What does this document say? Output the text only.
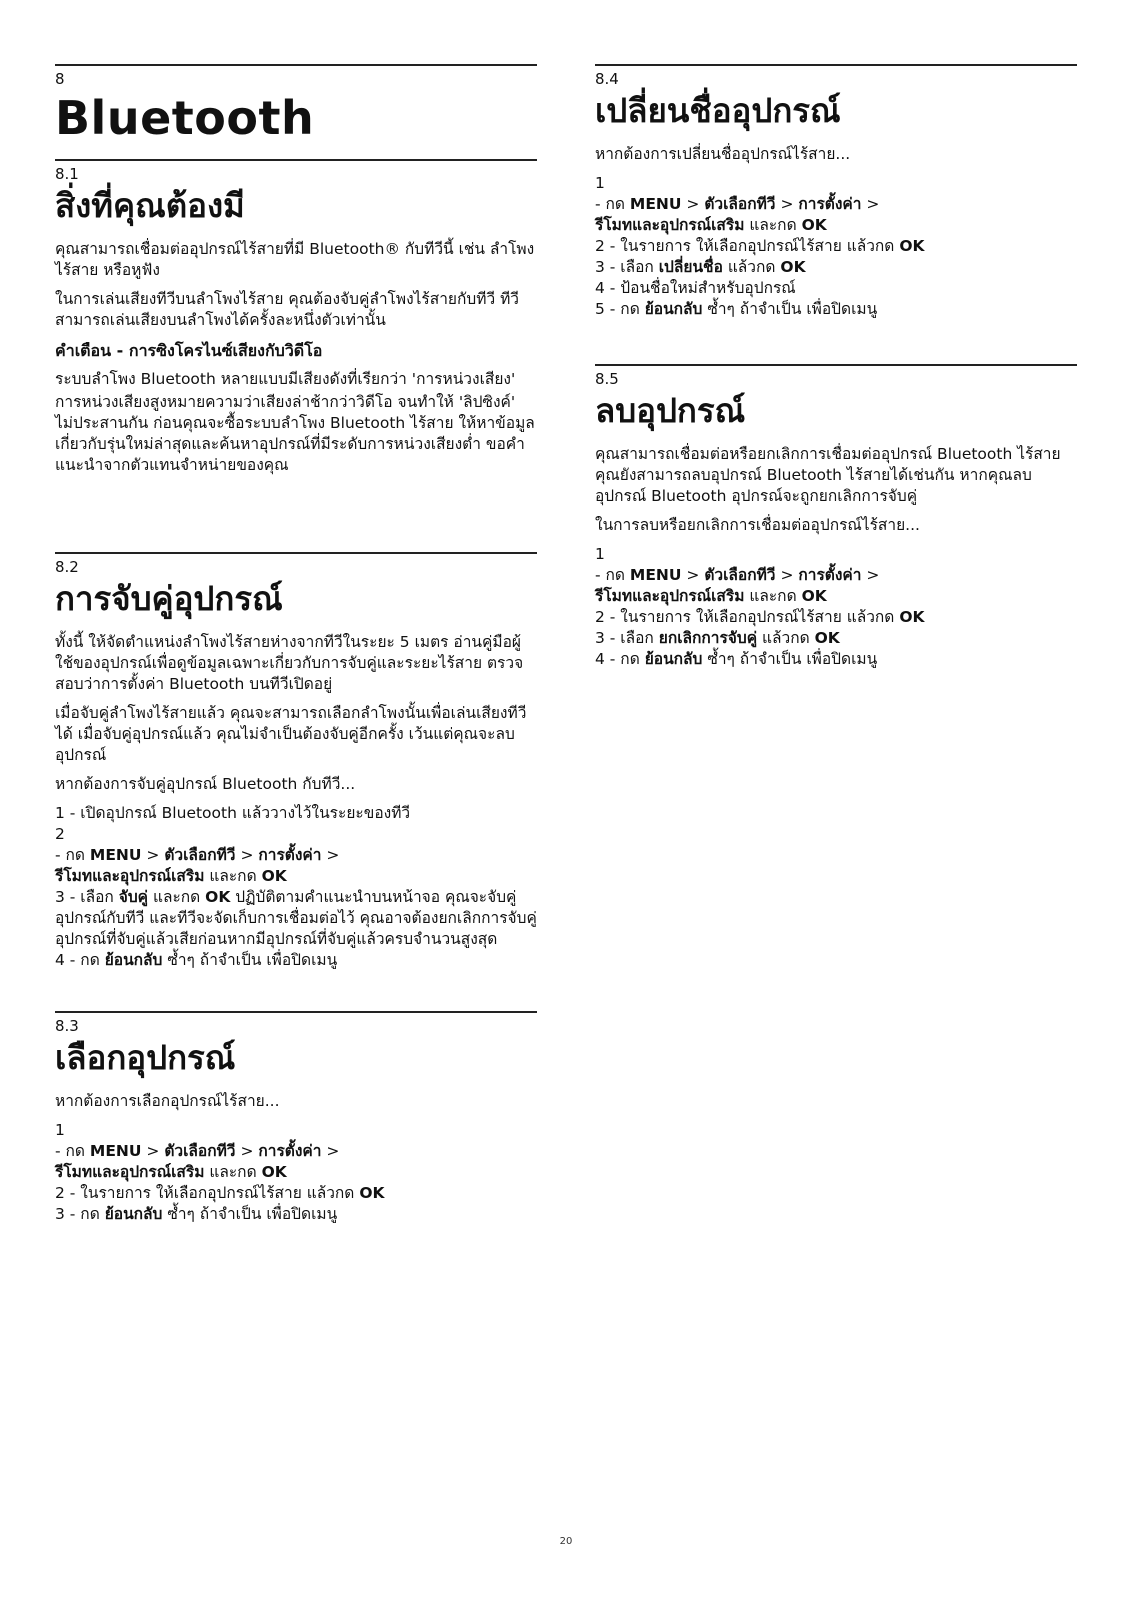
8
Bluetooth
8.1
สิ่งที่คุณต้องมี

คุณสามารถเชื่อมต่ออุปกรณ์ไร้สายที่มี Bluetooth® กับทีวีนี้ เช่น ลำโพงไร้สาย หรือหูฟัง

ในการเล่นเสียงทีวีบนลำโพงไร้สาย คุณต้องจับคู่ลำโพงไร้สายกับทีวี ทีวีสามารถเล่นเสียงบนลำโพงได้ครั้งละหนึ่งตัวเท่านั้น

คำเตือน - การซิงโครไนซ์เสียงกับวิดีโอ

ระบบลำโพง Bluetooth หลายแบบมีเสียงดังที่เรียกว่า 'การหน่วงเสียง'

การหน่วงเสียงสูงหมายความว่าเสียงล่าช้ากว่าวิดีโอ จนทำให้ 'ลิปซิงค์' ไม่ประสานกัน ก่อนคุณจะซื้อระบบลำโพง Bluetooth ไร้สาย ให้หาข้อมูลเกี่ยวกับรุ่นใหม่ล่าสุดและค้นหาอุปกรณ์ที่มีระดับการหน่วงเสียงต่ำ ขอคำแนะนำจากตัวแทนจำหน่ายของคุณ

8.2
การจับคู่อุปกรณ์

ทั้งนี้ ให้จัดตำแหน่งลำโพงไร้สายห่างจากทีวีในระยะ 5 เมตร อ่านคู่มือผู้ใช้ของอุปกรณ์เพื่อดูข้อมูลเฉพาะเกี่ยวกับการจับคู่และระยะไร้สาย ตรวจสอบว่าการตั้งค่า Bluetooth บนทีวีเปิดอยู่

เมื่อจับคู่ลำโพงไร้สายแล้ว คุณจะสามารถเลือกลำโพงนั้นเพื่อเล่นเสียงทีวีได้ เมื่อจับคู่อุปกรณ์แล้ว คุณไม่จำเป็นต้องจับคู่อีกครั้ง เว้นแต่คุณจะลบอุปกรณ์

หากต้องการจับคู่อุปกรณ์ Bluetooth กับทีวี...

1 - เปิดอุปกรณ์ Bluetooth แล้ววางไว้ในระยะของทีวี

2

- กด MENU > ตัวเลือกทีวี > การตั้งค่า >
รีโมทและอุปกรณ์เสริม และกด OK

3 - เลือก จับคู่ และกด OK ปฏิบัติตามคำแนะนำบนหน้าจอ คุณจะจับคู่อุปกรณ์กับทีวี และทีวีจะจัดเก็บการเชื่อมต่อไว้ คุณอาจต้องยกเลิกการจับคู่อุปกรณ์ที่จับคู่แล้วเสียก่อนหากมีอุปกรณ์ที่จับคู่แล้วครบจำนวนสูงสุด

4 - กด ย้อนกลับ ซ้ำๆ ถ้าจำเป็น เพื่อปิดเมนู

8.3
เลือกอุปกรณ์

หากต้องการเลือกอุปกรณ์ไร้สาย...

1

- กด MENU > ตัวเลือกทีวี > การตั้งค่า >
รีโมทและอุปกรณ์เสริม และกด OK

2 - ในรายการ ให้เลือกอุปกรณ์ไร้สาย แล้วกด OK

3 - กด ย้อนกลับ ซ้ำๆ ถ้าจำเป็น เพื่อปิดเมนู

8.4
เปลี่ยนชื่ออุปกรณ์

หากต้องการเปลี่ยนชื่ออุปกรณ์ไร้สาย...

1

- กด MENU > ตัวเลือกทีวี > การตั้งค่า >
รีโมทและอุปกรณ์เสริม และกด OK

2 - ในรายการ ให้เลือกอุปกรณ์ไร้สาย แล้วกด OK

3 - เลือก เปลี่ยนชื่อ แล้วกด OK

4 - ป้อนชื่อใหม่สำหรับอุปกรณ์

5 - กด ย้อนกลับ ซ้ำๆ ถ้าจำเป็น เพื่อปิดเมนู

8.5
ลบอุปกรณ์

คุณสามารถเชื่อมต่อหรือยกเลิกการเชื่อมต่ออุปกรณ์ Bluetooth ไร้สาย คุณยังสามารถลบอุปกรณ์ Bluetooth ไร้สายได้เช่นกัน หากคุณลบอุปกรณ์ Bluetooth อุปกรณ์จะถูกยกเลิกการจับคู่

ในการลบหรือยกเลิกการเชื่อมต่ออุปกรณ์ไร้สาย...

1

- กด MENU > ตัวเลือกทีวี > การตั้งค่า >
รีโมทและอุปกรณ์เสริม และกด OK

2 - ในรายการ ให้เลือกอุปกรณ์ไร้สาย แล้วกด OK

3 - เลือก ยกเลิกการจับคู่ แล้วกด OK

4 - กด ย้อนกลับ ซ้ำๆ ถ้าจำเป็น เพื่อปิดเมนู

20
